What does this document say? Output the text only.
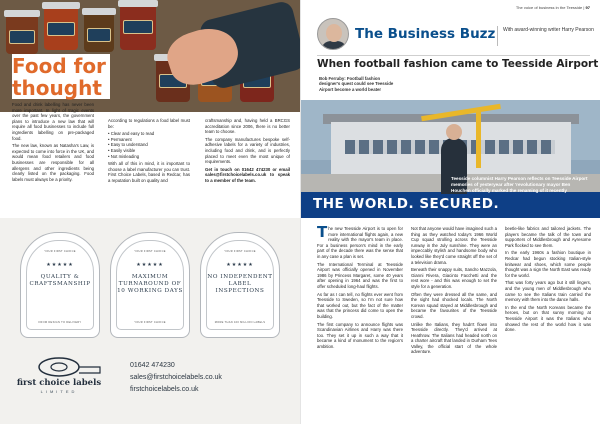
Food for
thought

Food and drink labelling has never been more important. In light of tragic events over the past few years, the government plans to introduce a new law that will require all food businesses to include full ingredients labelling on pre-packaged food.

The new law, known as Natasha's Law, is expected to come into force in the UK, and would mean food retailers and food businesses are responsible for all allergens and other ingredients being clearly listed on the packaging. Food labels must always be a priority.

According to regulations a food label must be:

• Clear and easy to read
• Permanent
• Easy to understand
• Easily visible
• Not misleading

With all of this in mind, it is important to choose a label manufacturer you can trust. First Choice Labels, based in Redcar, has a reputation built on quality and

craftsmanship and, having held a BRCGS accreditation since 2006, there is no better team to choose.

The company manufactures bespoke self-adhesive labels for a variety of industries, including food and drink, and is perfectly placed to meet even the most unique of requirements.

Get in touch on 01642 474230 or email sales@firstchoicelabels.co.uk to speak to a member of the team.

YOUR FIRST CHOICE
★★★★★
QUALITY & CRAFTSMANSHIP
FROM DESIGN TO DELIVERY
YOUR FIRST CHOICE
★★★★★
MAXIMUM TURNAROUND OF 10 WORKING DAYS
YOUR FIRST CHOICE
YOUR FIRST CHOICE
★★★★★
NO INDEPENDENT LABEL INSPECTIONS
MORE THAN 100 MILLION LABELS
first choice labels
LIMITED
01642 474230
sales@firstchoicelabels.co.uk
firstchoicelabels.co.uk
The voice of business in the Teesside | 97
The Business Buzz With award-winning writer Harry Pearson
When football fashion came to Teesside Airport
Bob Ferraby: Football fashion designer's quest could see Teesside Airport become a world beater
THE WORLD. SECURED.
Teesside columnist Harry Pearson reflects on Teesside Airport memories of yesteryear after 'revolutionary mayor Ben Houchen officially marked the renaming of it recently

The new Teesside Airport is to open for more international flights again, a new reality with the mayor's team in place. For a business person's mind in the early part of the decade there was the sense that in any case a plan is set.

The International Terminal at Teesside Airport was officially opened in November 1986 by Princess Margaret, some 40 years after opening in 1964 and was the first to offer scheduled long-haul flights.

As far as I can tell, no flights ever went from Teesside to Sweden, so I'm not sure how that worked out, but the fact of the matter was that the princess did come to open the building.

The first company to announce flights was Scandinavian Airlines and Harry was there too. They set it up in such a way that it became a kind of monument to the region's ambition.

Not that anyone would have imagined such a thing as they watched today's 1966 World Cup squad strolling across the Teesside runway in the July sunshine. They were an impeccably stylish and handsome body who looked like they'd come straight off the set of a television drama.

Beneath their snappy suits, Sandro Mazzola, Gianni Rivera, Giacinto Facchetti and the rest wore - and this was enough to set the style for a generation.

Often they were dressed all the same, and the sight had shocked locals. The North Korean squad stayed at Middlesbrough and became the favourites of the Teesside crowd.

Unlike the Italians, they hadn't flown into Teesside directly. They'd arrived at Heathrow. The Italians had headed north on a charter aircraft that landed in Durham Tees Valley, the official start of the whole adventure.

beetle-like fabrics and tailored jackets. The players became the talk of the town and supporters of Middlesbrough and Ayresome Park flocked to see them.

In the early 1960s a fashion boutique in Redcar had begun stocking Italian-style knitwear and shoes, which some people thought was a sign the North East was ready for the world.

That was forty years ago but it still lingers, and the young men of Middlesbrough who came to see the Italians train carried the memory with them into the dance halls.

In the end the North Koreans became the heroes, but on that sunny morning at Teesside Airport it was the Italians who showed the rest of the world how it was done.
